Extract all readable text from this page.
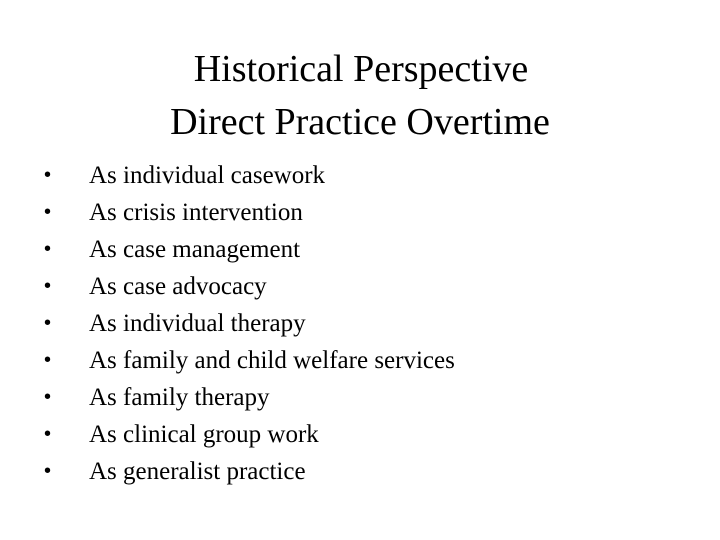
Historical Perspective
Direct Practice Overtime
•	As individual casework
•	As crisis intervention
•	As case management
•	As case advocacy
•	As individual therapy
•	As family and child welfare services
•	As family therapy
•	As clinical group work
•	As generalist practice
